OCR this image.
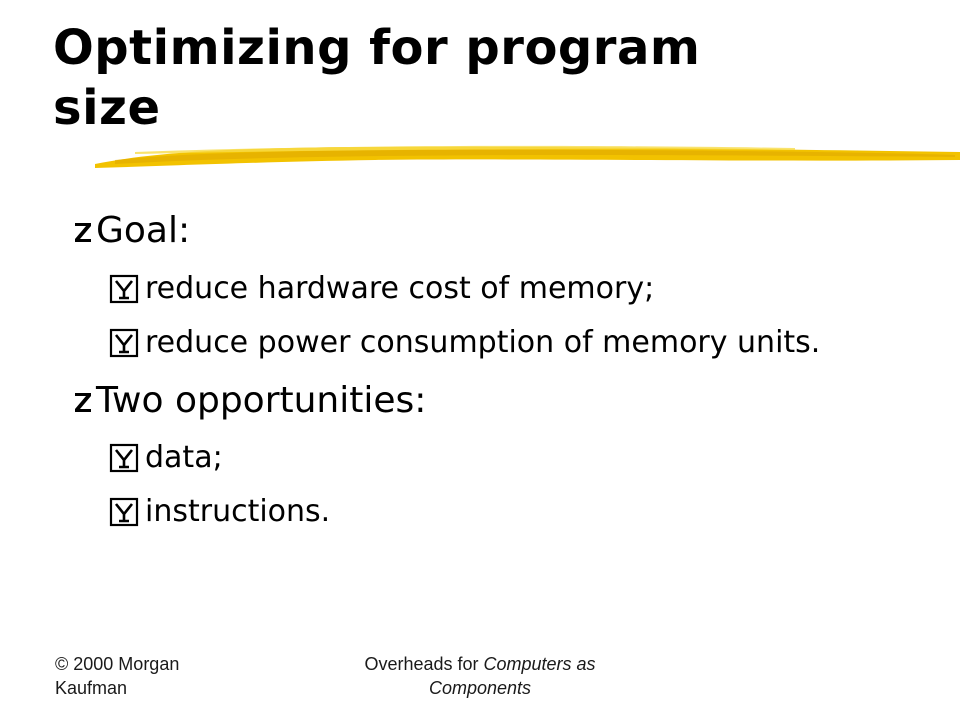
Optimizing for program
size
Goal:
reduce hardware cost of memory;
reduce power consumption of memory units.
Two opportunities:
data;
instructions.
© 2000 Morgan
Kaufman
Overheads for Computers as
Components
